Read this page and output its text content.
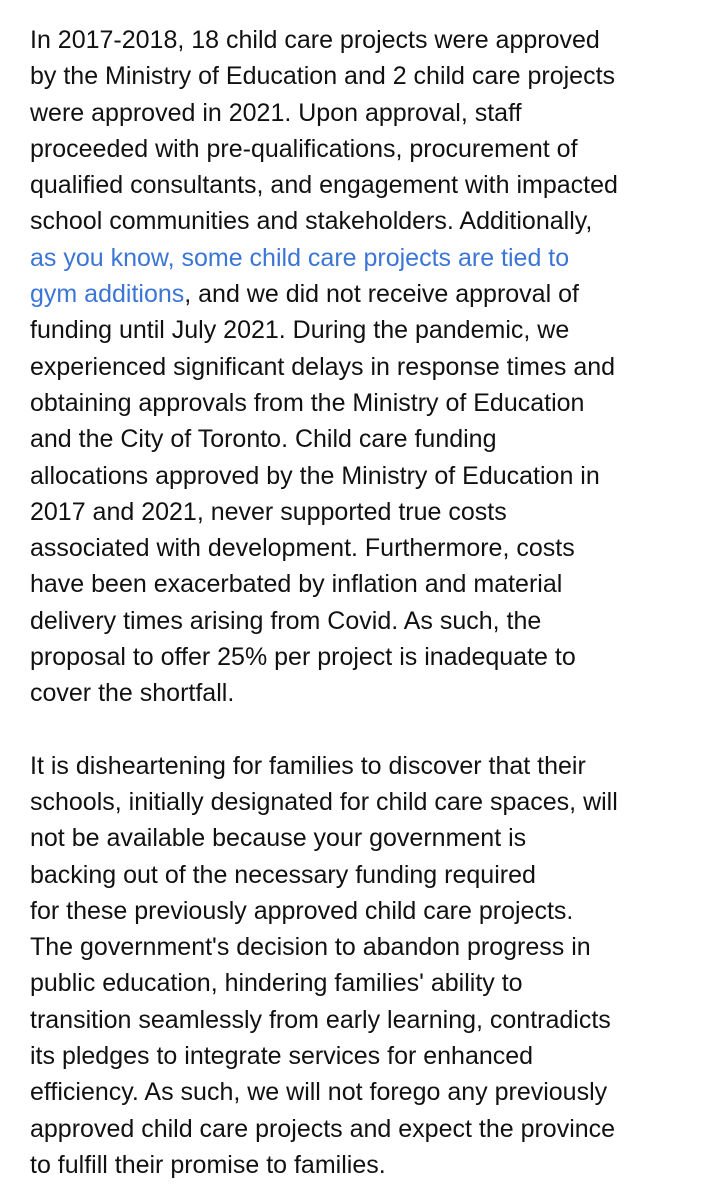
In 2017-2018, 18 child care projects were approved
by the Ministry of Education and 2 child care projects
were approved in 2021. Upon approval, staff
proceeded with pre-qualifications, procurement of
qualified consultants, and engagement with impacted
school communities and stakeholders. Additionally,
as you know, some child care projects are tied to
gym additions, and we did not receive approval of
funding until July 2021. During the pandemic, we
experienced significant delays in response times and
obtaining approvals from the Ministry of Education
and the City of Toronto. Child care funding
allocations approved by the Ministry of Education in
2017 and 2021, never supported true costs
associated with development. Furthermore, costs
have been exacerbated by inflation and material
delivery times arising from Covid. As such, the
proposal to offer 25% per project is inadequate to
cover the shortfall.

It is disheartening for families to discover that their
schools, initially designated for child care spaces, will
not be available because your government is
backing out of the necessary funding required
for these previously approved child care projects.
The government's decision to abandon progress in
public education, hindering families' ability to
transition seamlessly from early learning, contradicts
its pledges to integrate services for enhanced
efficiency. As such, we will not forego any previously
approved child care projects and expect the province
to fulfill their promise to families.
